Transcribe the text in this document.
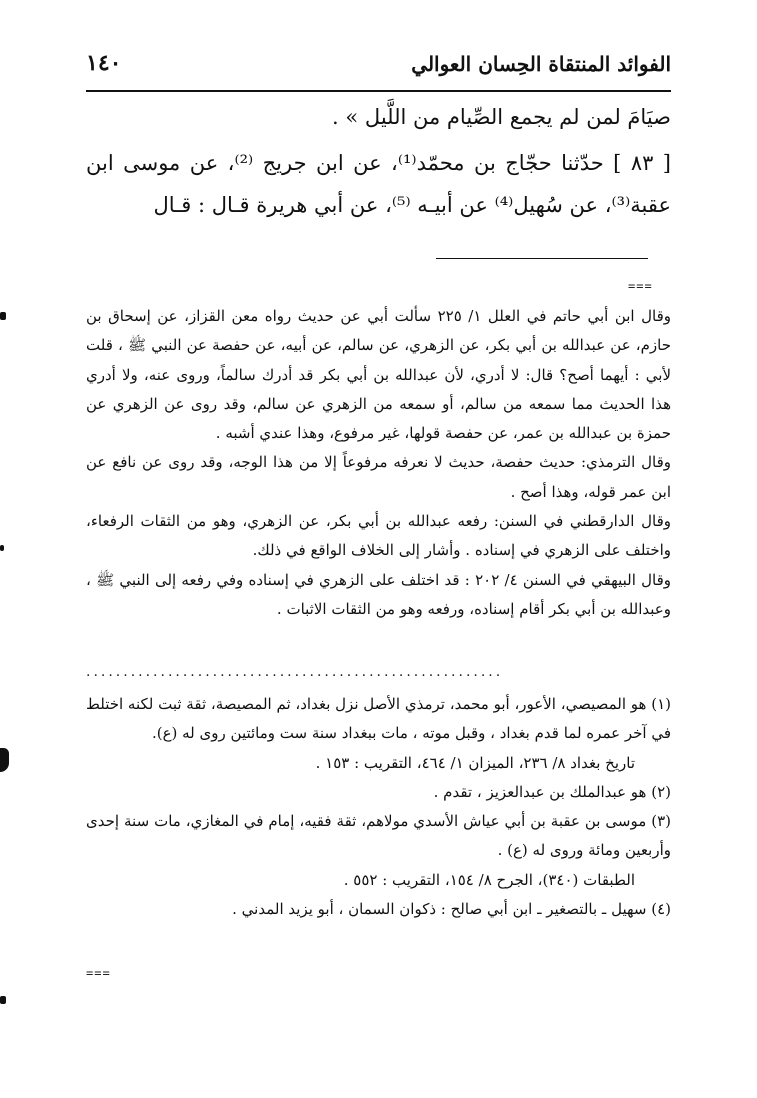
الفوائد المنتقاة الحِسان العوالي
١٤٠

صيَامَ لمن لم يجمع الصِّيام من اللَّيل » .

[ ٨٣ ] حدّثنا حجّاج بن محمّد⁽¹⁾، عن ابن جريج ⁽²⁾، عن موسى ابن عقبة⁽³⁾، عن سُهيل⁽⁴⁾ عن أبيـه ⁽⁵⁾، عن أبي هريرة قـال : قـال

===

وقال ابن أبي حاتم في العلل ١/ ٢٢٥ سألت أبي عن حديث رواه معن القزاز، عن إسحاق بن حازم، عن عبدالله بن أبي بكر، عن الزهري، عن سالم، عن أبيه، عن حفصة عن النبي ﷺ ، قلت لأبي : أيهما أصح؟ قال: لا أدري، لأن عبدالله بن أبي بكر قد أدرك سالماً، وروى عنه، ولا أدري هذا الحديث مما سمعه من سالم، أو سمعه من الزهري عن سالم، وقد روى عن الزهري عن حمزة بن عبدالله بن عمر، عن حفصة قولها، غير مرفوع، وهذا عندي أشبه .

وقال الترمذي: حديث حفصة، حديث لا نعرفه مرفوعاً إلا من هذا الوجه، وقد روى عن نافع عن ابن عمر قوله، وهذا أصح .

وقال الدارقطني في السنن: رفعه عبدالله بن أبي بكر، عن الزهري، وهو من الثقات الرفعاء، واختلف على الزهري في إسناده . وأشار إلى الخلاف الواقع في ذلك.

وقال البيهقي في السنن ٤/ ٢٠٢ : قد اختلف على الزهري في إسناده وفي رفعه إلى النبي ﷺ ، وعبدالله بن أبي بكر أقام إسناده، ورفعه وهو من الثقات الاثبات .

........................................................

(١) هو المصيصي، الأعور، أبو محمد، ترمذي الأصل نزل بغداد، ثم المصيصة، ثقة ثبت لكنه اختلط في آخر عمره لما قدم بغداد ، وقبل موته ، مات ببغداد سنة ست ومائتين روى له (ع).

تاريخ بغداد ٨/ ٢٣٦، الميزان ١/ ٤٦٤، التقريب : ١٥٣ .

(٢) هو عبدالملك بن عبدالعزيز ، تقدم .

(٣) موسى بن عقبة بن أبي عياش الأسدي مولاهم، ثقة فقيه، إمام في المغازي، مات سنة إحدى وأربعين ومائة وروى له (ع) .

الطبقات (٣٤٠)، الجرح ٨/ ١٥٤، التقريب : ٥٥٢ .

(٤) سهيل ـ بالتصغير ـ ابن أبي صالح : ذكوان السمان ، أبو يزيد المدني .

===
